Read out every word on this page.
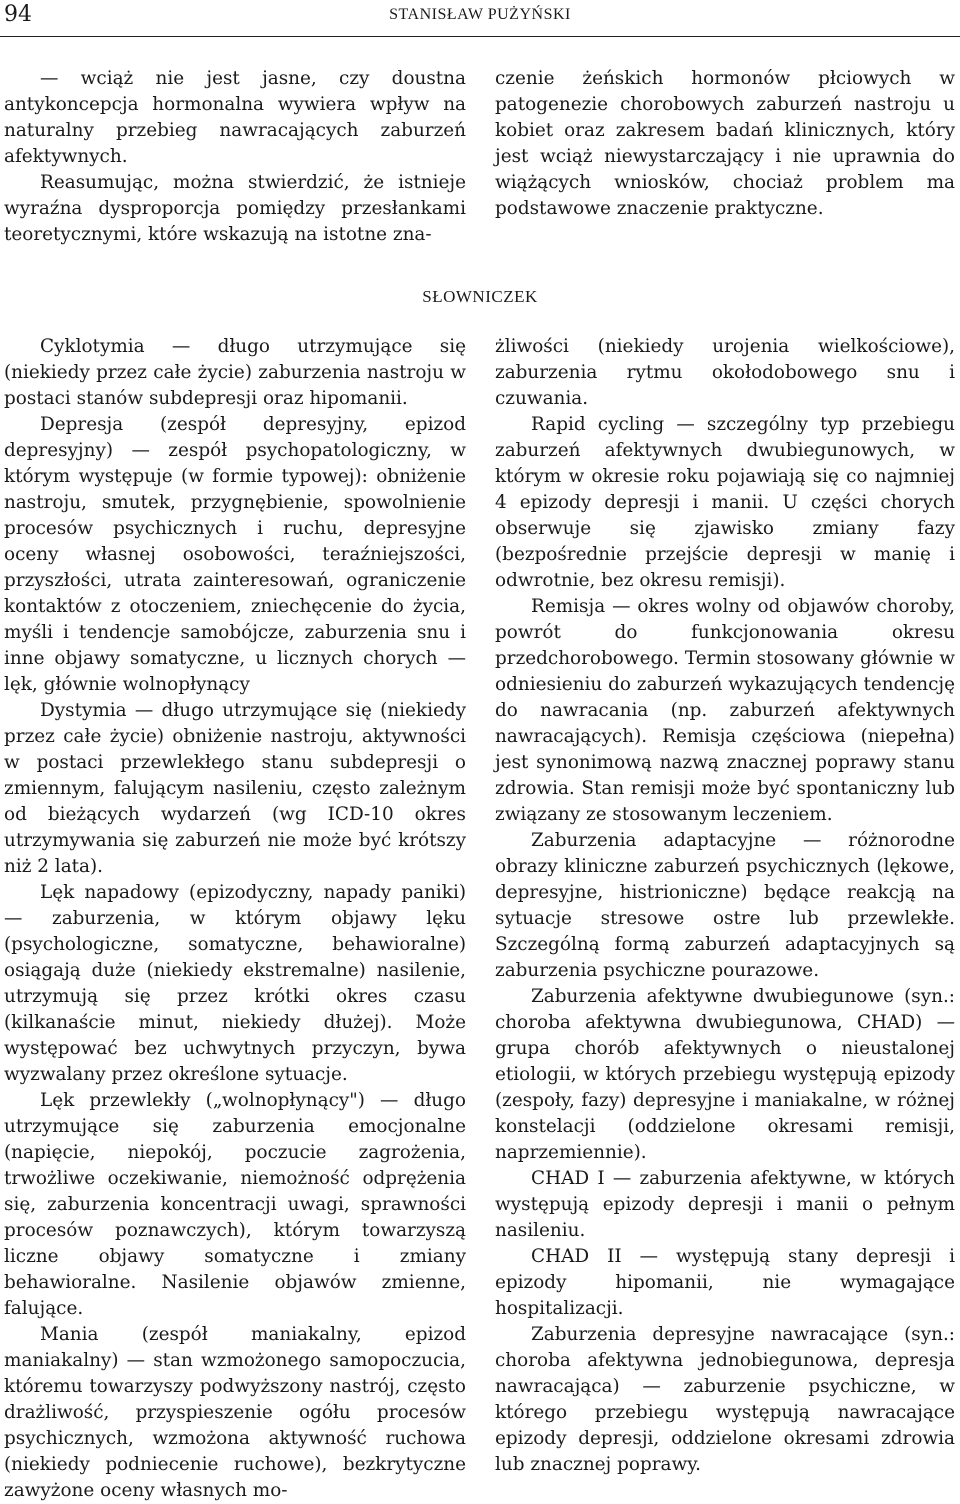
94	STANISŁAW PUŻYŃSKI

— wciąż nie jest jasne, czy doustna antykoncepcja hormonalna wywiera wpływ na naturalny przebieg nawracających zaburzeń afektywnych.

Reasumując, można stwierdzić, że istnieje wyraźna dysproporcja pomiędzy przesłankami teoretycznymi, które wskazują na istotne zna-

czenie żeńskich hormonów płciowych w patogenezie chorobowych zaburzeń nastroju u kobiet oraz zakresem badań klinicznych, który jest wciąż niewystarczający i nie uprawnia do wiążących wniosków, chociaż problem ma podstawowe znaczenie praktyczne.

SŁOWNICZEK

Cyklotymia — długo utrzymujące się (niekiedy przez całe życie) zaburzenia nastroju w postaci stanów subdepresji oraz hipomanii.

Depresja (zespół depresyjny, epizod depresyjny) — zespół psychopatologiczny, w którym występuje (w formie typowej): obniżenie nastroju, smutek, przygnębienie, spowolnienie procesów psychicznych i ruchu, depresyjne oceny własnej osobowości, teraźniejszości, przyszłości, utrata zainteresowań, ograniczenie kontaktów z otoczeniem, zniechęcenie do życia, myśli i tendencje samobójcze, zaburzenia snu i inne objawy somatyczne, u licznych chorych — lęk, głównie wolnopłynący

Dystymia — długo utrzymujące się (niekiedy przez całe życie) obniżenie nastroju, aktywności w postaci przewlekłego stanu subdepresji o zmiennym, falującym nasileniu, często zależnym od bieżących wydarzeń (wg ICD-10 okres utrzymywania się zaburzeń nie może być krótszy niż 2 lata).

Lęk napadowy (epizodyczny, napady paniki) — zaburzenia, w którym objawy lęku (psychologiczne, somatyczne, behawioralne) osiągają duże (niekiedy ekstremalne) nasilenie, utrzymują się przez krótki okres czasu (kilkanaście minut, niekiedy dłużej). Może występować bez uchwytnych przyczyn, bywa wyzwalany przez określone sytuacje.

Lęk przewlekły („wolnopłynący") — długo utrzymujące się zaburzenia emocjonalne (napięcie, niepokój, poczucie zagrożenia, trwożliwe oczekiwanie, niemożność odprężenia się, zaburzenia koncentracji uwagi, sprawności procesów poznawczych), którym towarzyszą liczne objawy somatyczne i zmiany behawioralne. Nasilenie objawów zmienne, falujące.

Mania (zespół maniakalny, epizod maniakalny) — stan wzmożonego samopoczucia, któremu towarzyszy podwyższony nastrój, często drażliwość, przyspieszenie ogółu procesów psychicznych, wzmożona aktywność ruchowa (niekiedy podniecenie ruchowe), bezkrytyczne zawyżone oceny własnych mo-

żliwości (niekiedy urojenia wielkościowe), zaburzenia rytmu okołodobowego snu i czuwania.

Rapid cycling — szczególny typ przebiegu zaburzeń afektywnych dwubiegunowych, w którym w okresie roku pojawiają się co najmniej 4 epizody depresji i manii. U części chorych obserwuje się zjawisko zmiany fazy (bezpośrednie przejście depresji w manię i odwrotnie, bez okresu remisji).

Remisja — okres wolny od objawów choroby, powrót do funkcjonowania okresu przedchorobowego. Termin stosowany głównie w odniesieniu do zaburzeń wykazujących tendencję do nawracania (np. zaburzeń afektywnych nawracających). Remisja częściowa (niepełna) jest synonimową nazwą znacznej poprawy stanu zdrowia. Stan remisji może być spontaniczny lub związany ze stosowanym leczeniem.

Zaburzenia adaptacyjne — różnorodne obrazy kliniczne zaburzeń psychicznych (lękowe, depresyjne, histrioniczne) będące reakcją na sytuacje stresowe ostre lub przewlekłe. Szczególną formą zaburzeń adaptacyjnych są zaburzenia psychiczne pourazowe.

Zaburzenia afektywne dwubiegunowe (syn.: choroba afektywna dwubiegunowa, CHAD) — grupa chorób afektywnych o nieustalonej etiologii, w których przebiegu występują epizody (zespoły, fazy) depresyjne i maniakalne, w różnej konstelacji (oddzielone okresami remisji, naprzemiennie).

CHAD I — zaburzenia afektywne, w których występują epizody depresji i manii o pełnym nasileniu.

CHAD II — występują stany depresji i epizody hipomanii, nie wymagające hospitalizacji.

Zaburzenia depresyjne nawracające (syn.: choroba afektywna jednobiegunowa, depresja nawracająca) — zaburzenie psychiczne, w którego przebiegu występują nawracające epizody depresji, oddzielone okresami zdrowia lub znacznej poprawy.
